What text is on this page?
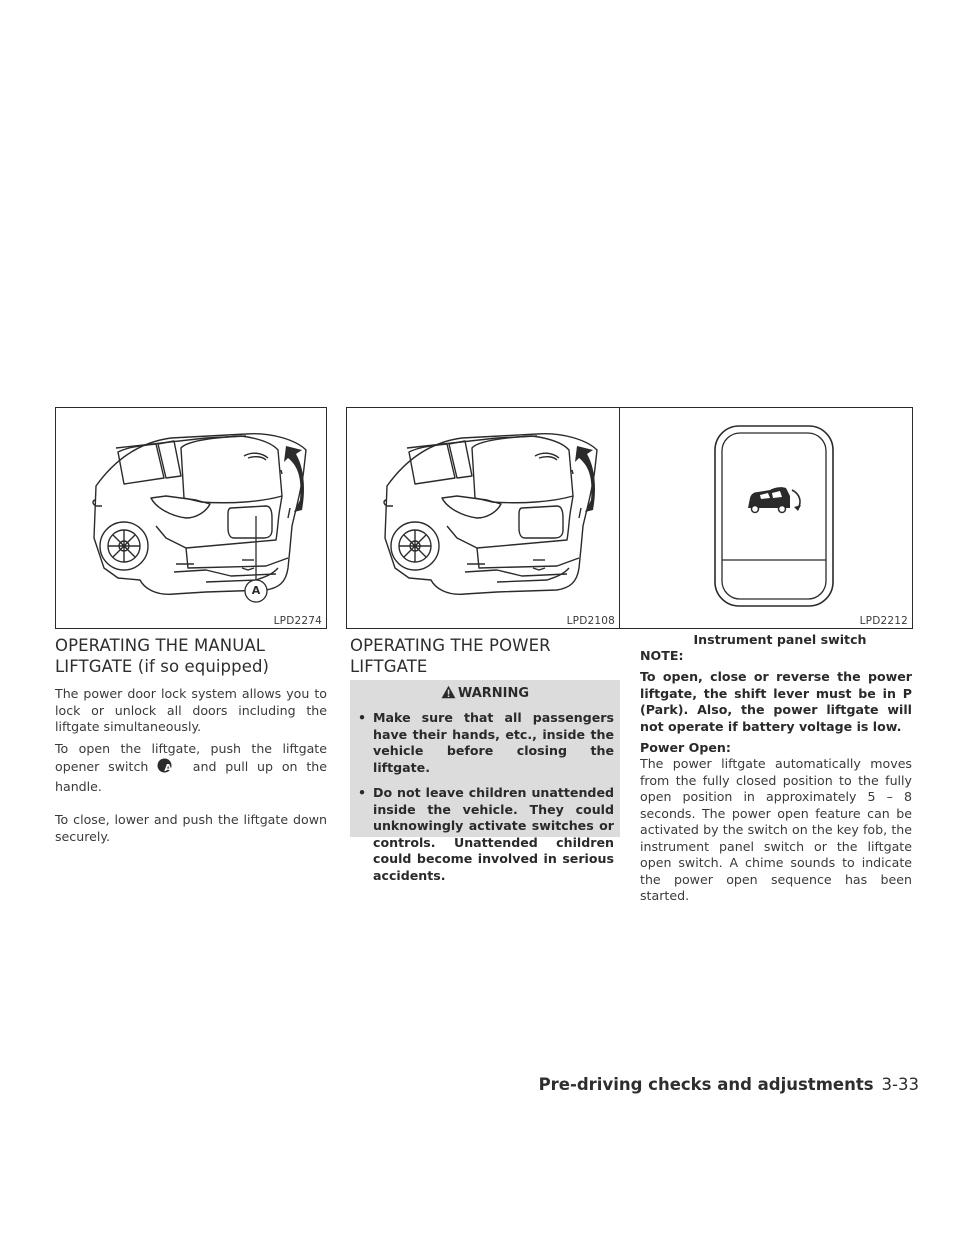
A
LPD2274	LPD2108	LPD2212
Instrument panel switch
OPERATING THE MANUAL
LIFTGATE (if so equipped)

The power door lock system allows you to lock or unlock all doors including the liftgate simultaneously.

To open the liftgate, push the liftgate opener switch A and pull up on the handle.

To close, lower and push the liftgate down securely.

OPERATING THE POWER LIFTGATE

WARNING
• Make sure that all passengers have their hands, etc., inside the vehicle before closing the liftgate.
• Do not leave children unattended inside the vehicle. They could unknowingly activate switches or controls. Unattended children could become involved in serious accidents.
NOTE:

To open, close or reverse the power liftgate, the shift lever must be in P (Park). Also, the power liftgate will not operate if battery voltage is low.

Power Open:

The power liftgate automatically moves from the fully closed position to the fully open position in approximately 5 – 8 seconds. The power open feature can be activated by the switch on the key fob, the instrument panel switch or the liftgate open switch. A chime sounds to indicate the power open sequence has been started.

Pre-driving checks and adjustments 3-33
